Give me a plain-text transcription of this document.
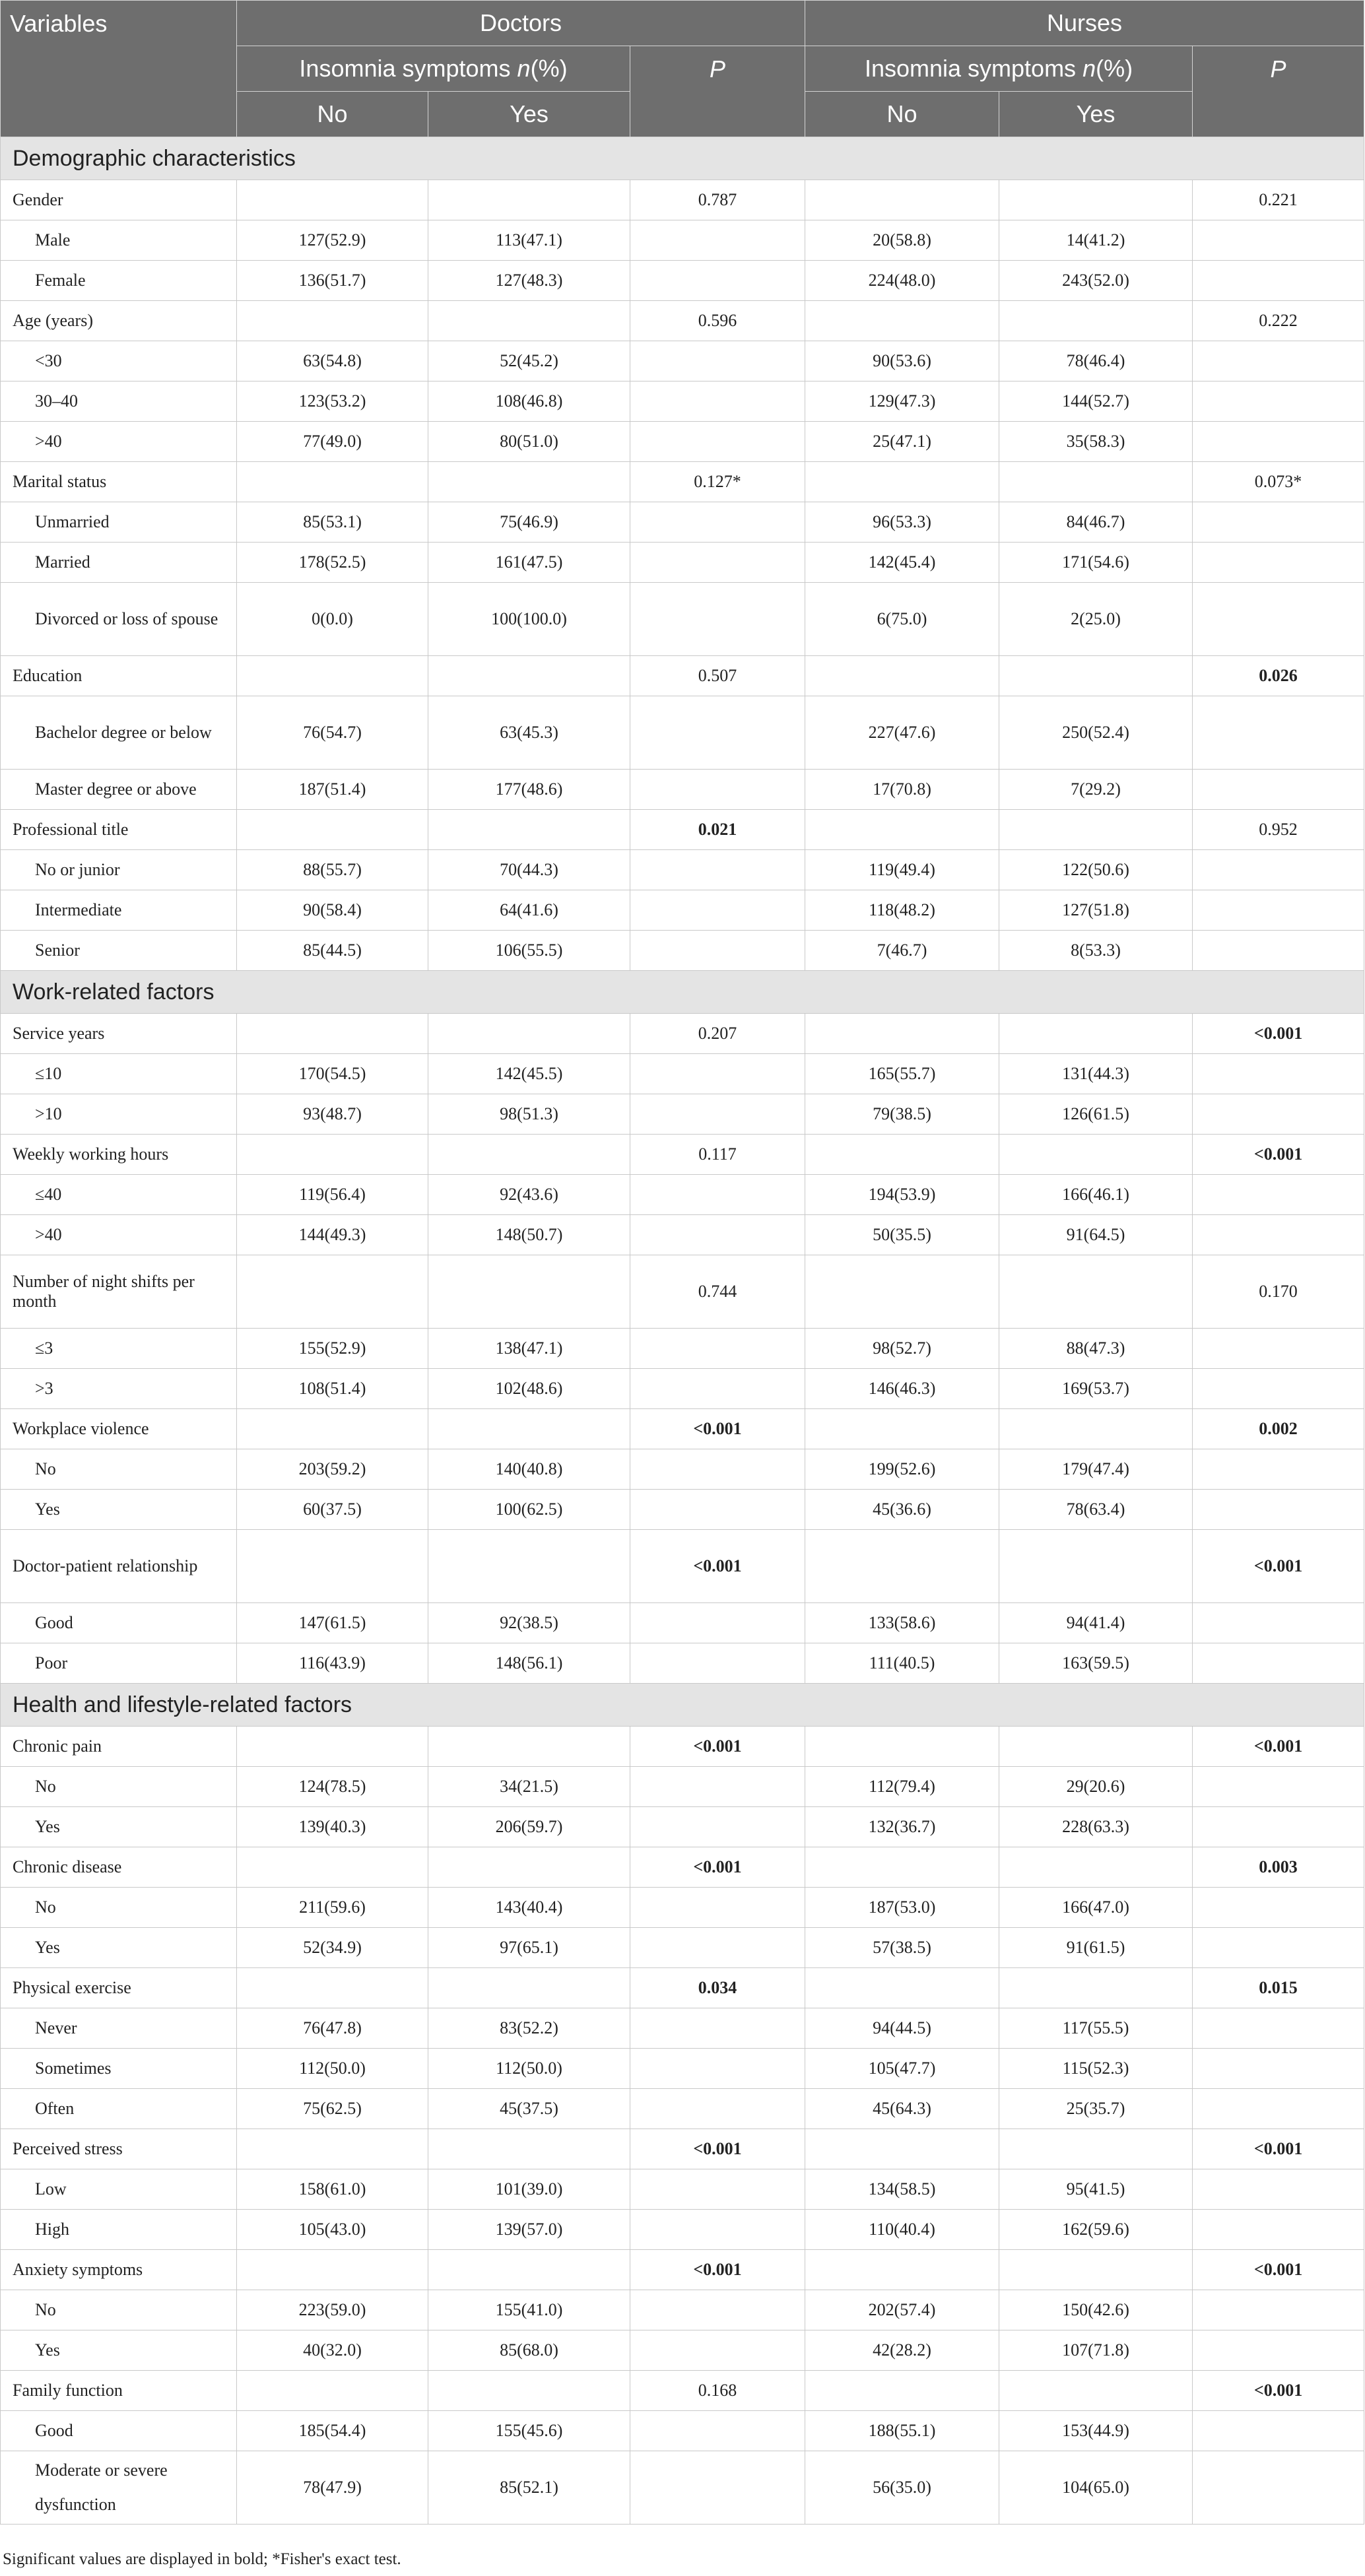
Variables	Doctors			Nurses		
	Insomnia symptoms n(%)		P	Insomnia symptoms n(%)		P
	No	Yes		No	Yes	
Demographic characteristics						
Gender			0.787			0.221
Male	127(52.9)	113(47.1)		20(58.8)	14(41.2)	
Female	136(51.7)	127(48.3)		224(48.0)	243(52.0)	
Age (years)			0.596			0.222
<30	63(54.8)	52(45.2)		90(53.6)	78(46.4)	
30–40	123(53.2)	108(46.8)		129(47.3)	144(52.7)	
>40	77(49.0)	80(51.0)		25(47.1)	35(58.3)	
Marital status			0.127*			0.073*
Unmarried	85(53.1)	75(46.9)		96(53.3)	84(46.7)	
Married	178(52.5)	161(47.5)		142(45.4)	171(54.6)	
Divorced or loss of spouse	0(0.0)	100(100.0)		6(75.0)	2(25.0)	
Education			0.507			0.026
Bachelor degree or below	76(54.7)	63(45.3)		227(47.6)	250(52.4)	
Master degree or above	187(51.4)	177(48.6)		17(70.8)	7(29.2)	
Professional title			0.021			0.952
No or junior	88(55.7)	70(44.3)		119(49.4)	122(50.6)	
Intermediate	90(58.4)	64(41.6)		118(48.2)	127(51.8)	
Senior	85(44.5)	106(55.5)		7(46.7)	8(53.3)	
Work-related factors						
Service years			0.207			<0.001
≤10	170(54.5)	142(45.5)		165(55.7)	131(44.3)	
>10	93(48.7)	98(51.3)		79(38.5)	126(61.5)	
Weekly working hours			0.117			<0.001
≤40	119(56.4)	92(43.6)		194(53.9)	166(46.1)	
>40	144(49.3)	148(50.7)		50(35.5)	91(64.5)	
Number of night shifts per month			0.744			0.170
≤3	155(52.9)	138(47.1)		98(52.7)	88(47.3)	
>3	108(51.4)	102(48.6)		146(46.3)	169(53.7)	
Workplace violence			<0.001			0.002
No	203(59.2)	140(40.8)		199(52.6)	179(47.4)	
Yes	60(37.5)	100(62.5)		45(36.6)	78(63.4)	
Doctor-patient relationship			<0.001			<0.001
Good	147(61.5)	92(38.5)		133(58.6)	94(41.4)	
Poor	116(43.9)	148(56.1)		111(40.5)	163(59.5)	
Health and lifestyle-related factors						
Chronic pain			<0.001			<0.001
No	124(78.5)	34(21.5)		112(79.4)	29(20.6)	
Yes	139(40.3)	206(59.7)		132(36.7)	228(63.3)	
Chronic disease			<0.001			0.003
No	211(59.6)	143(40.4)		187(53.0)	166(47.0)	
Yes	52(34.9)	97(65.1)		57(38.5)	91(61.5)	
Physical exercise			0.034			0.015
Never	76(47.8)	83(52.2)		94(44.5)	117(55.5)	
Sometimes	112(50.0)	112(50.0)		105(47.7)	115(52.3)	
Often	75(62.5)	45(37.5)		45(64.3)	25(35.7)	
Perceived stress			<0.001			<0.001
Low	158(61.0)	101(39.0)		134(58.5)	95(41.5)	
High	105(43.0)	139(57.0)		110(40.4)	162(59.6)	
Anxiety symptoms			<0.001			<0.001
No	223(59.0)	155(41.0)		202(57.4)	150(42.6)	
Yes	40(32.0)	85(68.0)		42(28.2)	107(71.8)	
Family function			0.168			<0.001
Good	185(54.4)	155(45.6)		188(55.1)	153(44.9)	
Moderate or severe dysfunction	78(47.9)	85(52.1)		56(35.0)	104(65.0)	
Significant values are displayed in bold; *Fisher's exact test.
